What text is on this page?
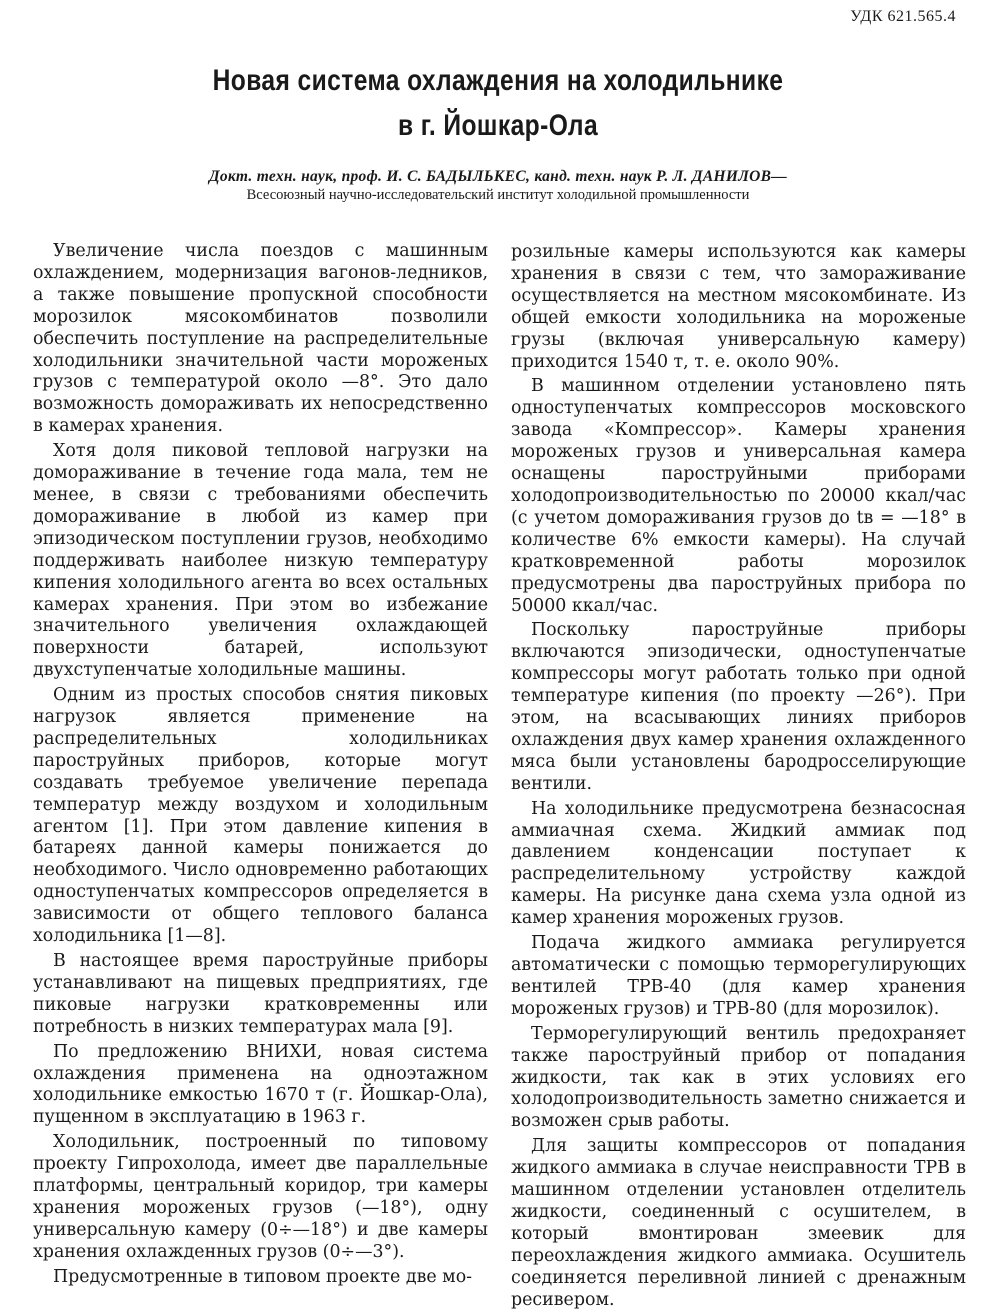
УДК 621.565.4
Новая система охлаждения на холодильнике
в г. Йошкар-Ола
Докт. техн. наук, проф. И. С. БАДЫЛЬКЕС, канд. техн. наук Р. Л. ДАНИЛОВ—
Всесоюзный научно-исследовательский институт холодильной промышленности

Увеличение числа поездов с машинным охлаждением, модернизация вагонов-ледников, а также повышение пропускной способности морозилок мясокомбинатов позволили обеспечить поступление на распределительные холодильники значительной части мороженых грузов с температурой около —8°. Это дало возможность домораживать их непосредственно в камерах хранения.

Хотя доля пиковой тепловой нагрузки на домораживание в течение года мала, тем не менее, в связи с требованиями обеспечить домораживание в любой из камер при эпизодическом поступлении грузов, необходимо поддерживать наиболее низкую температуру кипения холодильного агента во всех остальных камерах хранения. При этом во избежание значительного увеличения охлаждающей поверхности батарей, используют двухступенчатые холодильные машины.

Одним из простых способов снятия пиковых нагрузок является применение на распределительных холодильниках пароструйных приборов, которые могут создавать требуемое увеличение перепада температур между воздухом и холодильным агентом [1]. При этом давление кипения в батареях данной камеры понижается до необходимого. Число одновременно работающих одноступенчатых компрессоров определяется в зависимости от общего теплового баланса холодильника [1—8].

В настоящее время пароструйные приборы устанавливают на пищевых предприятиях, где пиковые нагрузки кратковременны или потребность в низких температурах мала [9].

По предложению ВНИХИ, новая система охлаждения применена на одноэтажном холодильнике емкостью 1670 т (г. Йошкар-Ола), пущенном в эксплуатацию в 1963 г.

Холодильник, построенный по типовому проекту Гипрохолода, имеет две параллельные платформы, центральный коридор, три камеры хранения мороженых грузов (—18°), одну универсальную камеру (0÷—18°) и две камеры хранения охлажденных грузов (0÷—3°).

Предусмотренные в типовом проекте две мо-

розильные камеры используются как камеры хранения в связи с тем, что замораживание осуществляется на местном мясокомбинате. Из общей емкости холодильника на мороженые грузы (включая универсальную камеру) приходится 1540 т, т. е. около 90%.

В машинном отделении установлено пять одноступенчатых компрессоров московского завода «Компрессор». Камеры хранения мороженых грузов и универсальная камера оснащены пароструйными приборами холодопроизводительностью по 20000 ккал/час (с учетом домораживания грузов до tв = —18° в количестве 6% емкости камеры). На случай кратковременной работы морозилок предусмотрены два пароструйных прибора по 50000 ккал/час.

Поскольку пароструйные приборы включаются эпизодически, одноступенчатые компрессоры могут работать только при одной температуре кипения (по проекту —26°). При этом, на всасывающих линиях приборов охлаждения двух камер хранения охлажденного мяса были установлены бародросселирующие вентили.

На холодильнике предусмотрена безнасосная аммиачная схема. Жидкий аммиак под давлением конденсации поступает к распределительному устройству каждой камеры. На рисунке дана схема узла одной из камер хранения мороженых грузов.

Подача жидкого аммиака регулируется автоматически с помощью терморегулирующих вентилей ТРВ-40 (для камер хранения мороженых грузов) и ТРВ-80 (для морозилок).

Терморегулирующий вентиль предохраняет также пароструйный прибор от попадания жидкости, так как в этих условиях его холодопроизводительность заметно снижается и возможен срыв работы.

Для защиты компрессоров от попадания жидкого аммиака в случае неисправности ТРВ в машинном отделении установлен отделитель жидкости, соединенный с осушителем, в который вмонтирован змеевик для переохлаждения жидкого аммиака. Осушитель соединяется переливной линией с дренажным ресивером.
